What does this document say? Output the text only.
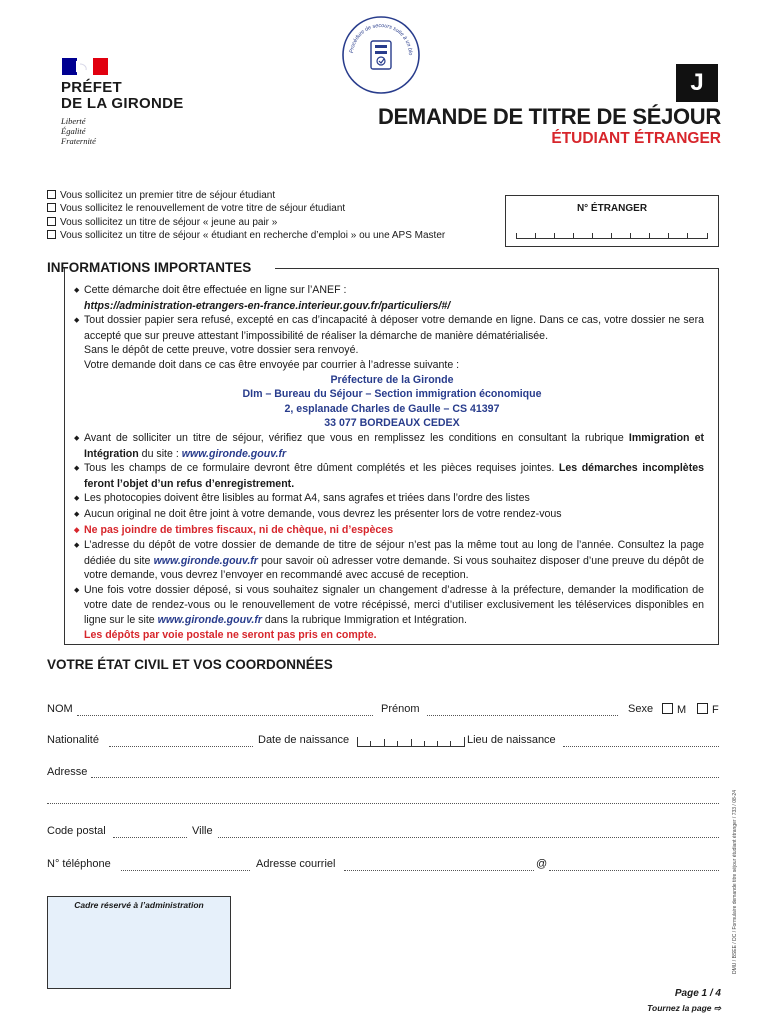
PRÉFET
DE LA GIRONDE
Liberté
Égalité
Fraternité
Procédure de secours suite à un blo
J
DEMANDE DE TITRE DE SÉJOUR
ÉTUDIANT ÉTRANGER
Vous sollicitez un premier titre de séjour étudiant
Vous sollicitez le renouvellement de votre titre de séjour étudiant
Vous sollicitez un titre de séjour « jeune au pair »
Vous sollicitez un titre de séjour « étudiant en recherche d’emploi » ou une APS Master
N° ÉTRANGER
INFORMATIONS IMPORTANTES

◆ Cette démarche doit être effectuée en ligne sur l’ANEF :

https://administration-etrangers-en-france.interieur.gouv.fr/particuliers/#/

◆ Tout dossier papier sera refusé, excepté en cas d’incapacité à déposer votre demande en ligne. Dans ce cas, votre dossier ne sera accepté que sur preuve attestant l’impossibilité de réaliser la démarche de manière dématérialisée.

Sans le dépôt de cette preuve, votre dossier sera renvoyé.

Votre demande doit dans ce cas être envoyée par courrier à l’adresse suivante :

Préfecture de la Gironde

DIm – Bureau du Séjour – Section immigration économique

2, esplanade Charles de Gaulle – CS 41397

33 077 BORDEAUX CEDEX

◆ Avant de solliciter un titre de séjour, vérifiez que vous en remplissez les conditions en consultant la rubrique Immigration et Intégration du site : www.gironde.gouv.fr

◆ Tous les champs de ce formulaire devront être dûment complétés et les pièces requises jointes. Les démarches incomplètes feront l’objet d’un refus d’enregistrement.

◆ Les photocopies doivent être lisibles au format A4, sans agrafes et triées dans l’ordre des listes

◆ Aucun original ne doit être joint à votre demande, vous devrez les présenter lors de votre rendez-vous

◆ Ne pas joindre de timbres fiscaux, ni de chèque, ni d’espèces

◆ L’adresse du dépôt de votre dossier de demande de titre de séjour n’est pas la même tout au long de l’année. Consultez la page dédiée du site www.gironde.gouv.fr pour savoir où adresser votre demande. Si vous souhaitez disposer d’une preuve du dépôt de votre demande, vous devrez l’envoyer en recommandé avec accusé de reception.

◆ Une fois votre dossier déposé, si vous souhaitez signaler un changement d’adresse à la préfecture, demander la modification de votre date de rendez-vous ou le renouvellement de votre récépissé, merci d’utiliser exclusivement les téléservices disponibles en ligne sur le site www.gironde.gouv.fr dans la rubrique Immigration et Intégration.

Les dépôts par voie postale ne seront pas pris en compte.

VOTRE ÉTAT CIVIL ET VOS COORDONNÉES
NOM	Prénom	Sexe	M	F
Nationalité	Date de naissance	Lieu de naissance
Adresse
Code postal	Ville
N° téléphone	Adresse courriel	@
Cadre réservé à l’administration	DMU / BSEE / DC / Formulaire demande titre séjour étudiant étranger / 733 / 08-24
Page 1 / 4
Tournez la page ⇨
